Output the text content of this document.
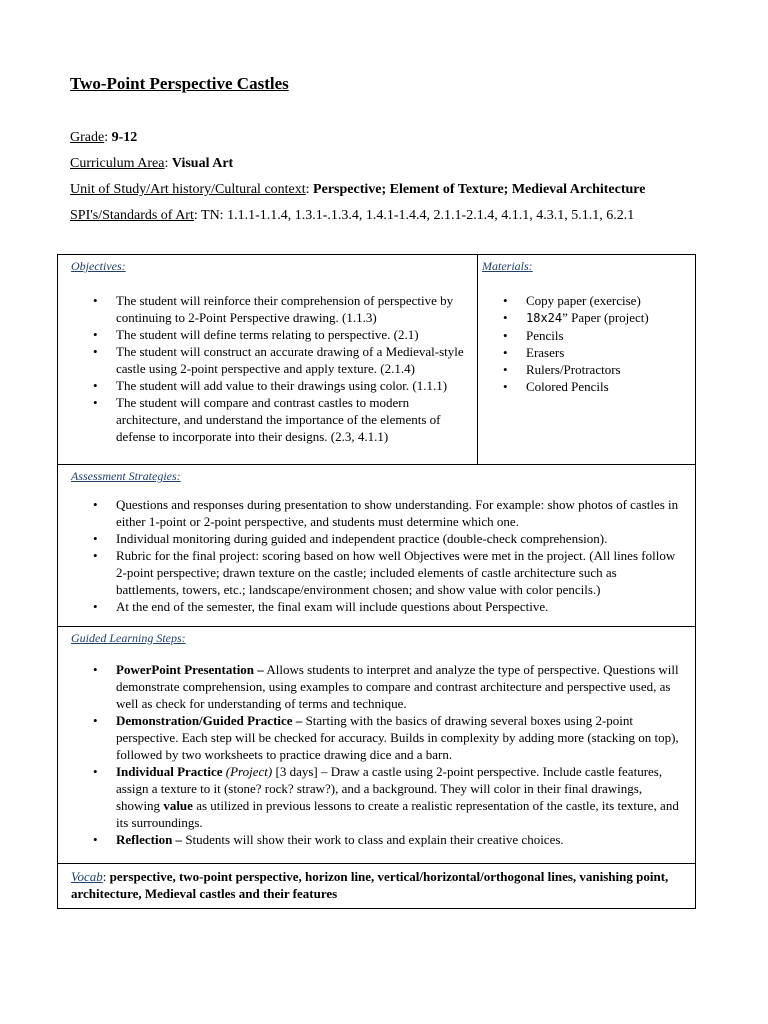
Two-Point Perspective Castles
Grade: 9-12
Curriculum Area: Visual Art
Unit of Study/Art history/Cultural context: Perspective; Element of Texture; Medieval Architecture
SPI's/Standards of Art: TN: 1.1.1-1.1.4, 1.3.1-.1.3.4, 1.4.1-1.4.4, 2.1.1-2.1.4, 4.1.1, 4.3.1, 5.1.1, 6.2.1
Objectives:
• The student will reinforce their comprehension of perspective by continuing to 2-Point Perspective drawing. (1.1.3)
• The student will define terms relating to perspective. (2.1)
• The student will construct an accurate drawing of a Medieval-style castle using 2-point perspective and apply texture. (2.1.4)
• The student will add value to their drawings using color. (1.1.1)
• The student will compare and contrast castles to modern architecture, and understand the importance of the elements of defense to incorporate into their designs. (2.3, 4.1.1)
Materials:
• Copy paper (exercise)
• 18x24” Paper (project)
• Pencils
• Erasers
• Rulers/Protractors
• Colored Pencils
Assessment Strategies:
• Questions and responses during presentation to show understanding. For example: show photos of castles in either 1-point or 2-point perspective, and students must determine which one.
• Individual monitoring during guided and independent practice (double-check comprehension).
• Rubric for the final project: scoring based on how well Objectives were met in the project. (All lines follow 2-point perspective; drawn texture on the castle; included elements of castle architecture such as battlements, towers, etc.; landscape/environment chosen; and show value with color pencils.)
• At the end of the semester, the final exam will include questions about Perspective.
Guided Learning Steps:
• PowerPoint Presentation – Allows students to interpret and analyze the type of perspective. Questions will demonstrate comprehension, using examples to compare and contrast architecture and perspective used, as well as check for understanding of terms and technique.
• Demonstration/Guided Practice – Starting with the basics of drawing several boxes using 2-point perspective. Each step will be checked for accuracy. Builds in complexity by adding more (stacking on top), followed by two worksheets to practice drawing dice and a barn.
• Individual Practice (Project) [3 days] – Draw a castle using 2-point perspective. Include castle features, assign a texture to it (stone? rock? straw?), and a background. They will color in their final drawings, showing value as utilized in previous lessons to create a realistic representation of the castle, its texture, and its surroundings.
• Reflection – Students will show their work to class and explain their creative choices.
Vocab: perspective, two-point perspective, horizon line, vertical/horizontal/orthogonal lines, vanishing point, architecture, Medieval castles and their features
